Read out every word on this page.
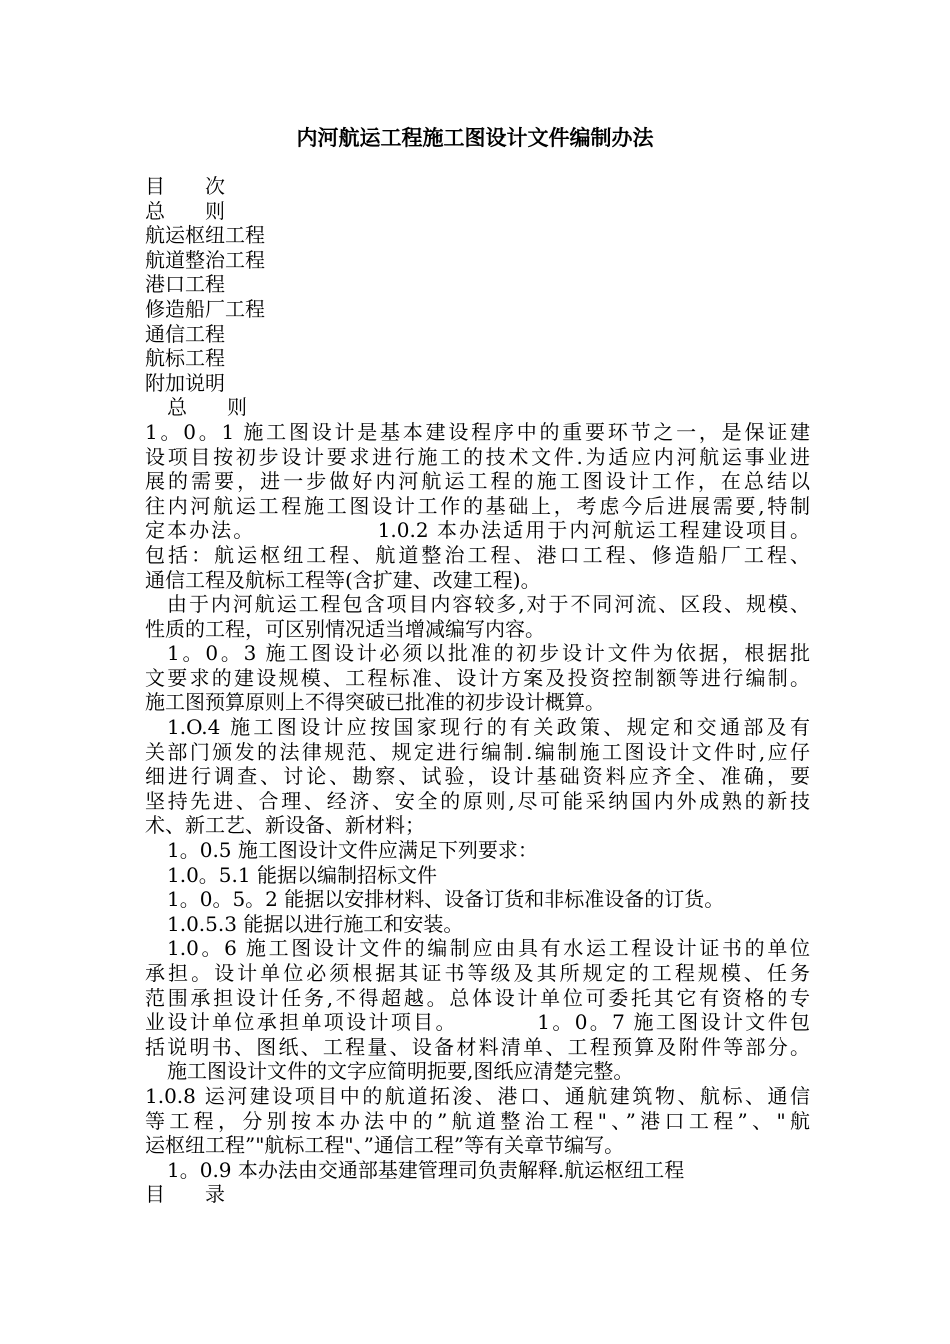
内河航运工程施工图设计文件编制办法
目　　次
总　　则
航运枢纽工程
航道整治工程
港口工程
修造船厂工程
通信工程
航标工程
附加说明
总　　则
1。0。1 施工图设计是基本建设程序中的重要环节之一，是保证建
设项目按初步设计要求进行施工的技术文件.为适应内河航运事业进
展的需要，进一步做好内河航运工程的施工图设计工作，在总结以
往内河航运工程施工图设计工作的基础上，考虑今后进展需要,特制
定本办法。　　　　　　1.0.2 本办法适用于内河航运工程建设项目。
包括：航运枢纽工程、航道整治工程、港口工程、修造船厂工程、
通信工程及航标工程等(含扩建、改建工程)。
由于内河航运工程包含项目内容较多,对于不同河流、区段、规模、
性质的工程，可区别情况适当增减编写内容。
1。0。3 施工图设计必须以批准的初步设计文件为依据，根据批
文要求的建设规模、工程标准、设计方案及投资控制额等进行编制。
施工图预算原则上不得突破已批准的初步设计概算。
1.O.4 施工图设计应按国家现行的有关政策、规定和交通部及有
关部门颁发的法律规范、规定进行编制.编制施工图设计文件时,应仔
细进行调查、讨论、勘察、试验，设计基础资料应齐全、准确，要
坚持先进、合理、经济、安全的原则,尽可能采纳国内外成熟的新技
术、新工艺、新设备、新材料；
1。0.5 施工图设计文件应满足下列要求：
1.0。5.1 能据以编制招标文件
1。0。5。2 能据以安排材料、设备订货和非标准设备的订货。
1.0.5.3 能据以进行施工和安装。
1.0。6 施工图设计文件的编制应由具有水运工程设计证书的单位
承担。设计单位必须根据其证书等级及其所规定的工程规模、任务
范围承担设计任务,不得超越。总体设计单位可委托其它有资格的专
业设计单位承担单项设计项目。　　　　1。0。7 施工图设计文件包
括说明书、图纸、工程量、设备材料清单、工程预算及附件等部分。
施工图设计文件的文字应简明扼要,图纸应清楚完整。
1.0.8 运河建设项目中的航道拓浚、港口、通航建筑物、航标、通信
等工程，分别按本办法中的”航道整治工程"、”港口工程”、"航
运枢纽工程”"航标工程"、”通信工程”等有关章节编写。
1。0.9 本办法由交通部基建管理司负责解释.航运枢纽工程
目　　录
